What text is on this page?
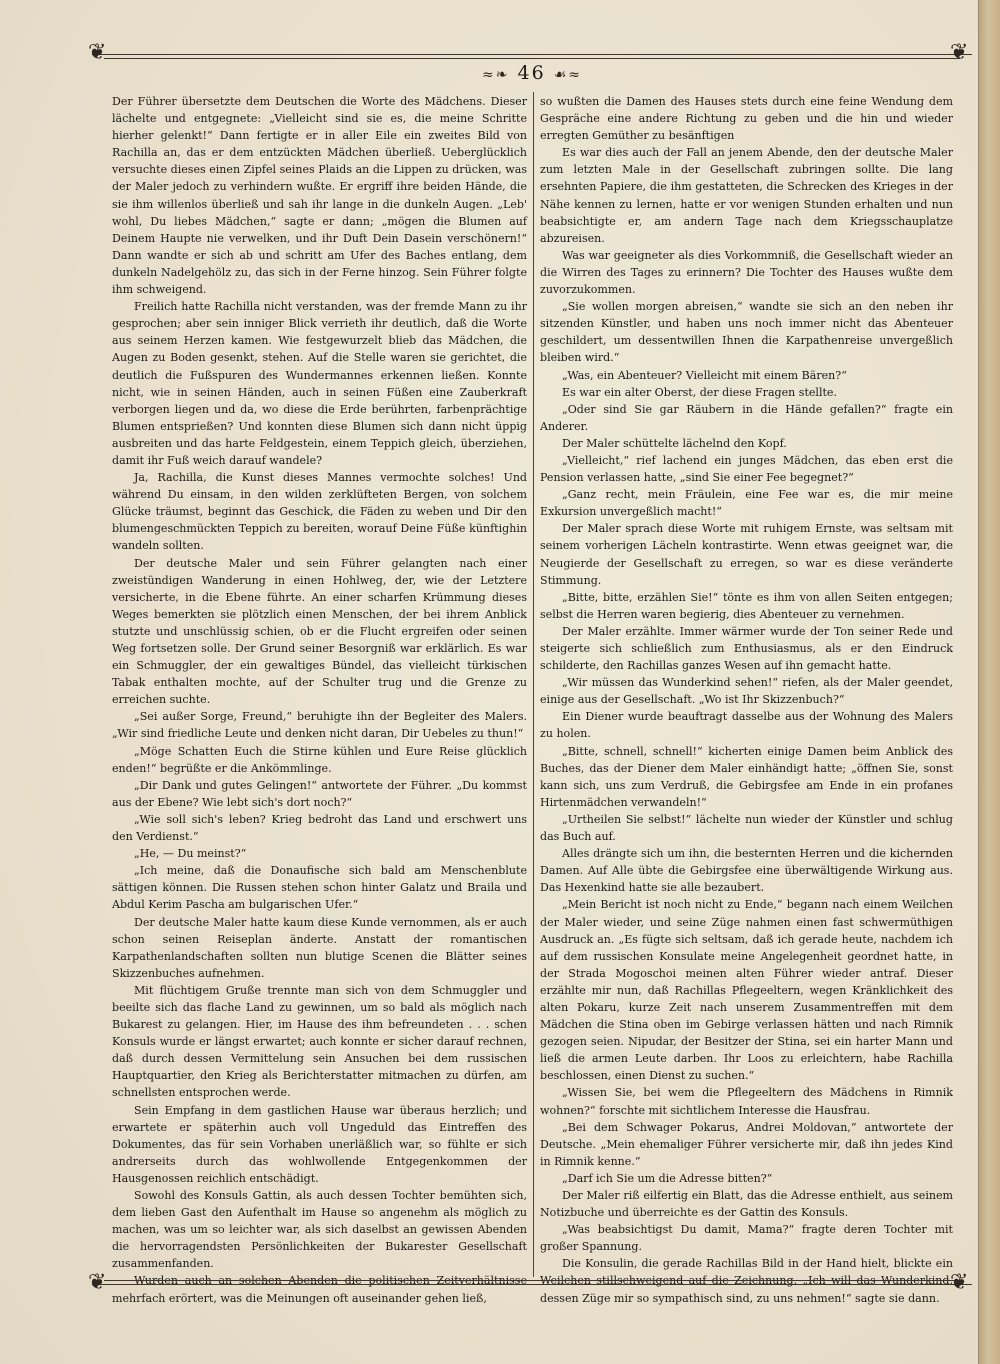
❦	❦
≈❧ 46 ☙≈

Der Führer übersetzte dem Deutschen die Worte des Mädchens. Dieser lächelte und entgegnete: „Vielleicht sind sie es, die meine Schritte hierher gelenkt!“ Dann fertigte er in aller Eile ein zweites Bild von Rachilla an, das er dem entzückten Mädchen überließ. Ueberglücklich versuchte dieses einen Zipfel seines Plaids an die Lippen zu drücken, was der Maler jedoch zu verhindern wußte. Er ergriff ihre beiden Hände, die sie ihm willenlos überließ und sah ihr lange in die dunkeln Augen. „Leb' wohl, Du liebes Mädchen,“ sagte er dann; „mögen die Blumen auf Deinem Haupte nie verwelken, und ihr Duft Dein Dasein verschönern!“ Dann wandte er sich ab und schritt am Ufer des Baches entlang, dem dunkeln Nadelgehölz zu, das sich in der Ferne hinzog. Sein Führer folgte ihm schweigend.

Freilich hatte Rachilla nicht verstanden, was der fremde Mann zu ihr gesprochen; aber sein inniger Blick verrieth ihr deutlich, daß die Worte aus seinem Herzen kamen. Wie festgewurzelt blieb das Mädchen, die Augen zu Boden gesenkt, stehen. Auf die Stelle waren sie gerichtet, die deutlich die Fußspuren des Wundermannes erkennen ließen. Konnte nicht, wie in seinen Händen, auch in seinen Füßen eine Zauberkraft verborgen liegen und da, wo diese die Erde berührten, farbenprächtige Blumen entsprießen? Und konnten diese Blumen sich dann nicht üppig ausbreiten und das harte Feldgestein, einem Teppich gleich, überziehen, damit ihr Fuß weich darauf wandele?

Ja, Rachilla, die Kunst dieses Mannes vermochte solches! Und während Du einsam, in den wilden zerklüfteten Bergen, von solchem Glücke träumst, beginnt das Geschick, die Fäden zu weben und Dir den blumengeschmückten Teppich zu bereiten, worauf Deine Füße künftighin wandeln sollten.

Der deutsche Maler und sein Führer gelangten nach einer zweistündigen Wanderung in einen Hohlweg, der, wie der Letztere versicherte, in die Ebene führte. An einer scharfen Krümmung dieses Weges bemerkten sie plötzlich einen Menschen, der bei ihrem Anblick stutzte und unschlüssig schien, ob er die Flucht ergreifen oder seinen Weg fortsetzen solle. Der Grund seiner Besorgniß war erklärlich. Es war ein Schmuggler, der ein gewaltiges Bündel, das vielleicht türkischen Tabak enthalten mochte, auf der Schulter trug und die Grenze zu erreichen suchte.

„Sei außer Sorge, Freund,“ beruhigte ihn der Begleiter des Malers. „Wir sind friedliche Leute und denken nicht daran, Dir Uebeles zu thun!“

„Möge Schatten Euch die Stirne kühlen und Eure Reise glücklich enden!“ begrüßte er die Ankömmlinge.

„Dir Dank und gutes Gelingen!“ antwortete der Führer. „Du kommst aus der Ebene? Wie lebt sich's dort noch?“

„Wie soll sich's leben? Krieg bedroht das Land und erschwert uns den Verdienst.“

„He, — Du meinst?“

„Ich meine, daß die Donaufische sich bald am Menschenblute sättigen können. Die Russen stehen schon hinter Galatz und Braila und Abdul Kerim Pascha am bulgarischen Ufer.“

Der deutsche Maler hatte kaum diese Kunde vernommen, als er auch schon seinen Reiseplan änderte. Anstatt der romantischen Karpathenlandschaften sollten nun blutige Scenen die Blätter seines Skizzenbuches aufnehmen.

Mit flüchtigem Gruße trennte man sich von dem Schmuggler und beeilte sich das flache Land zu gewinnen, um so bald als möglich nach Bukarest zu gelangen. Hier, im Hause des ihm befreundeten . . . schen Konsuls wurde er längst erwartet; auch konnte er sicher darauf rechnen, daß durch dessen Vermittelung sein Ansuchen bei dem russischen Hauptquartier, den Krieg als Berichterstatter mitmachen zu dürfen, am schnellsten entsprochen werde.

Sein Empfang in dem gastlichen Hause war überaus herzlich; und erwartete er späterhin auch voll Ungeduld das Eintreffen des Dokumentes, das für sein Vorhaben unerläßlich war, so fühlte er sich andrerseits durch das wohlwollende Entgegenkommen der Hausgenossen reichlich entschädigt.

Sowohl des Konsuls Gattin, als auch dessen Tochter bemühten sich, dem lieben Gast den Aufenthalt im Hause so angenehm als möglich zu machen, was um so leichter war, als sich daselbst an gewissen Abenden die hervorragendsten Persönlichkeiten der Bukarester Gesellschaft zusammenfanden.

Wurden auch an solchen Abenden die politischen Zeitverhältnisse mehrfach erörtert, was die Meinungen oft auseinander gehen ließ,

so wußten die Damen des Hauses stets durch eine feine Wendung dem Gespräche eine andere Richtung zu geben und die hin und wieder erregten Gemüther zu besänftigen

Es war dies auch der Fall an jenem Abende, den der deutsche Maler zum letzten Male in der Gesellschaft zubringen sollte. Die lang ersehnten Papiere, die ihm gestatteten, die Schrecken des Krieges in der Nähe kennen zu lernen, hatte er vor wenigen Stunden erhalten und nun beabsichtigte er, am andern Tage nach dem Kriegsschauplatze abzureisen.

Was war geeigneter als dies Vorkommniß, die Gesellschaft wieder an die Wirren des Tages zu erinnern? Die Tochter des Hauses wußte dem zuvorzukommen.

„Sie wollen morgen abreisen,“ wandte sie sich an den neben ihr sitzenden Künstler, und haben uns noch immer nicht das Abenteuer geschildert, um dessentwillen Ihnen die Karpathenreise unvergeßlich bleiben wird.“

„Was, ein Abenteuer? Vielleicht mit einem Bären?“

Es war ein alter Oberst, der diese Fragen stellte.

„Oder sind Sie gar Räubern in die Hände gefallen?“ fragte ein Anderer.

Der Maler schüttelte lächelnd den Kopf.

„Vielleicht,“ rief lachend ein junges Mädchen, das eben erst die Pension verlassen hatte, „sind Sie einer Fee begegnet?“

„Ganz recht, mein Fräulein, eine Fee war es, die mir meine Exkursion unvergeßlich macht!“

Der Maler sprach diese Worte mit ruhigem Ernste, was seltsam mit seinem vorherigen Lächeln kontrastirte. Wenn etwas geeignet war, die Neugierde der Gesellschaft zu erregen, so war es diese veränderte Stimmung.

„Bitte, bitte, erzählen Sie!“ tönte es ihm von allen Seiten entgegen; selbst die Herren waren begierig, dies Abenteuer zu vernehmen.

Der Maler erzählte. Immer wärmer wurde der Ton seiner Rede und steigerte sich schließlich zum Enthusiasmus, als er den Eindruck schilderte, den Rachillas ganzes Wesen auf ihn gemacht hatte.

„Wir müssen das Wunderkind sehen!“ riefen, als der Maler geendet, einige aus der Gesellschaft. „Wo ist Ihr Skizzenbuch?“

Ein Diener wurde beauftragt dasselbe aus der Wohnung des Malers zu holen.

„Bitte, schnell, schnell!“ kicherten einige Damen beim Anblick des Buches, das der Diener dem Maler einhändigt hatte; „öffnen Sie, sonst kann sich, uns zum Verdruß, die Gebirgsfee am Ende in ein profanes Hirtenmädchen verwandeln!“

„Urtheilen Sie selbst!“ lächelte nun wieder der Künstler und schlug das Buch auf.

Alles drängte sich um ihn, die besternten Herren und die kichernden Damen. Auf Alle übte die Gebirgsfee eine überwältigende Wirkung aus. Das Hexenkind hatte sie alle bezaubert.

„Mein Bericht ist noch nicht zu Ende,“ begann nach einem Weilchen der Maler wieder, und seine Züge nahmen einen fast schwermüthigen Ausdruck an. „Es fügte sich seltsam, daß ich gerade heute, nachdem ich auf dem russischen Konsulate meine Angelegenheit geordnet hatte, in der Strada Mogoschoi meinen alten Führer wieder antraf. Dieser erzählte mir nun, daß Rachillas Pflegeeltern, wegen Kränklichkeit des alten Pokaru, kurze Zeit nach unserem Zusammentreffen mit dem Mädchen die Stina oben im Gebirge verlassen hätten und nach Rimnik gezogen seien. Nipudar, der Besitzer der Stina, sei ein harter Mann und ließ die armen Leute darben. Ihr Loos zu erleichtern, habe Rachilla beschlossen, einen Dienst zu suchen.“

„Wissen Sie, bei wem die Pflegeeltern des Mädchens in Rimnik wohnen?“ forschte mit sichtlichem Interesse die Hausfrau.

„Bei dem Schwager Pokarus, Andrei Moldovan,“ antwortete der Deutsche. „Mein ehemaliger Führer versicherte mir, daß ihn jedes Kind in Rimnik kenne.“

„Darf ich Sie um die Adresse bitten?“

Der Maler riß eilfertig ein Blatt, das die Adresse enthielt, aus seinem Notizbuche und überreichte es der Gattin des Konsuls.

„Was beabsichtigst Du damit, Mama?“ fragte deren Tochter mit großer Spannung.

Die Konsulin, die gerade Rachillas Bild in der Hand hielt, blickte ein Weilchen stillschweigend auf die Zeichnung. „Ich will das Wunderkind, dessen Züge mir so sympathisch sind, zu uns nehmen!“ sagte sie dann.

❦	❦
